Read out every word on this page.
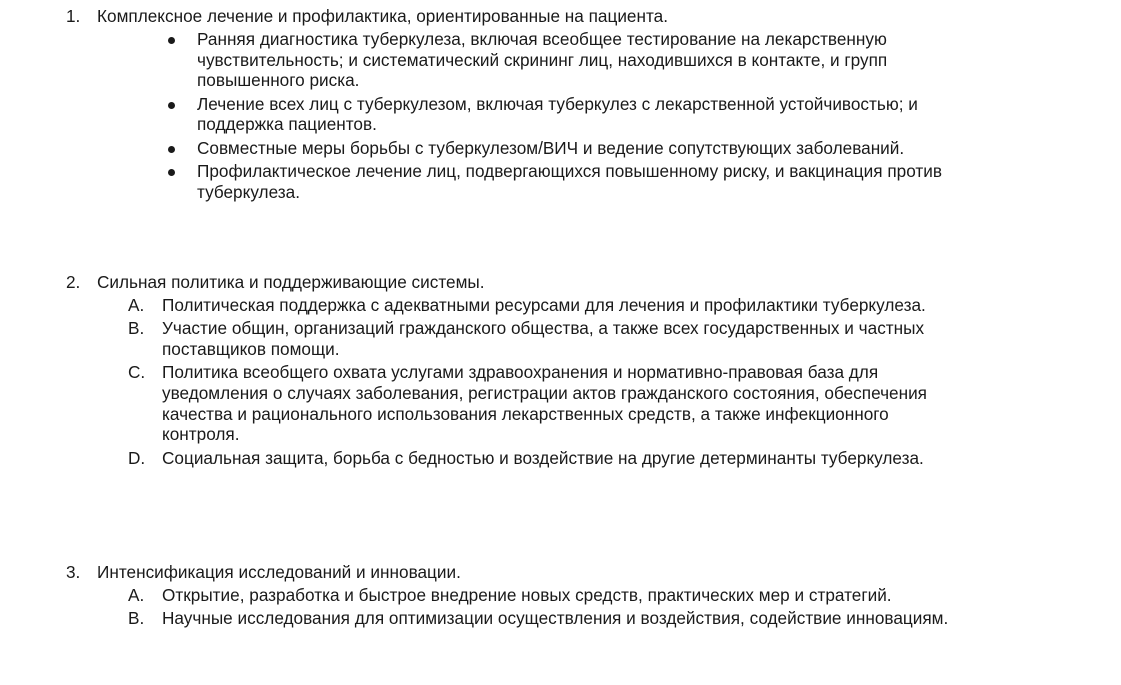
1. Комплексное лечение и профилактика, ориентированные на пациента.
Ранняя диагностика туберкулеза, включая всеобщее тестирование на лекарственную чувствительность; и систематический скрининг лиц, находившихся в контакте, и групп повышенного риска.
Лечение всех лиц с туберкулезом, включая туберкулез с лекарственной устойчивостью; и поддержка пациентов.
Совместные меры борьбы с туберкулезом/ВИЧ и ведение сопутствующих заболеваний.
Профилактическое лечение лиц, подвергающихся повышенному риску, и вакцинация против туберкулеза.
2. Сильная политика и поддерживающие системы.
A. Политическая поддержка с адекватными ресурсами для лечения и профилактики туберкулеза.
B. Участие общин, организаций гражданского общества, а также всех государственных и частных поставщиков помощи.
C. Политика всеобщего охвата услугами здравоохранения и нормативно-правовая база для уведомления о случаях заболевания, регистрации актов гражданского состояния, обеспечения качества и рационального использования лекарственных средств, а также инфекционного контроля.
D. Социальная защита, борьба с бедностью и воздействие на другие детерминанты туберкулеза.
3. Интенсификация исследований и инновации.
A. Открытие, разработка и быстрое внедрение новых средств, практических мер и стратегий.
B. Научные исследования для оптимизации осуществления и воздействия, содействие инновациям.
